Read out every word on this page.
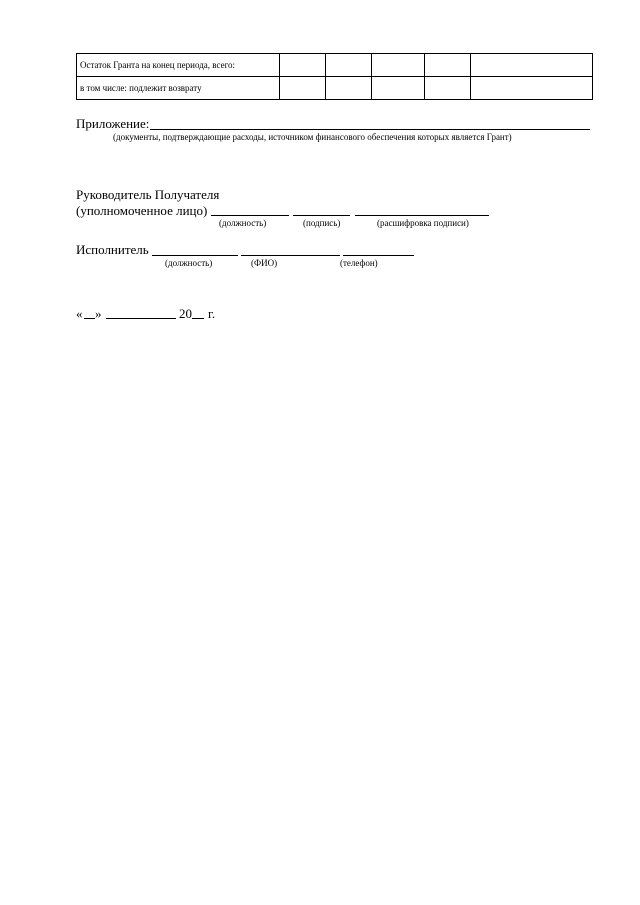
Остаток Гранта на конец периода, всего:					
в том числе: подлежит возврату					
Приложение:
(документы, подтверждающие расходы, источником финансового обеспечения которых является Грант)
Руководитель Получателя
(уполномоченное лицо)
(должность)	(подпись)	(расшифровка подписи)
Исполнитель
(должность)	(ФИО)	(телефон)
« »	20 г.
